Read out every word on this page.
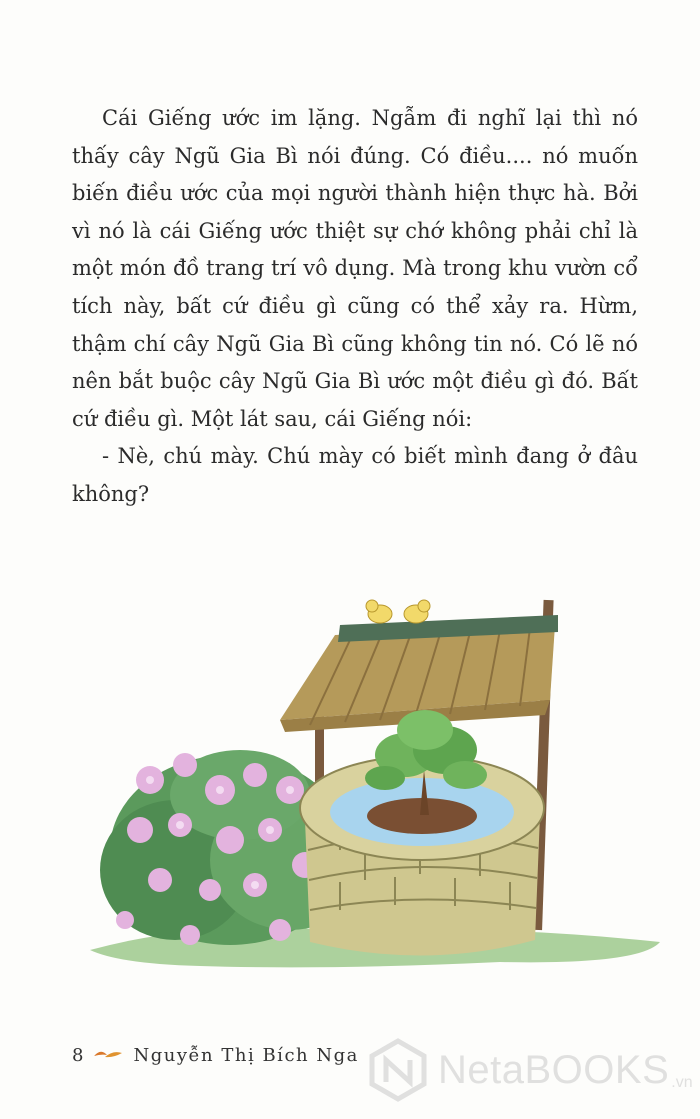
Cái Giếng ước im lặng. Ngẫm đi nghĩ lại thì nó thấy cây Ngũ Gia Bì nói đúng. Có điều.... nó muốn biến điều ước của mọi người thành hiện thực hà. Bởi vì nó là cái Giếng ước thiệt sự chớ không phải chỉ là một món đồ trang trí vô dụng. Mà trong khu vườn cổ tích này, bất cứ điều gì cũng có thể xảy ra. Hừm, thậm chí cây Ngũ Gia Bì cũng không tin nó. Có lẽ nó nên bắt buộc cây Ngũ Gia Bì ước một điều gì đó. Bất cứ điều gì. Một lát sau, cái Giếng nói:

- Nè, chú mày. Chú mày có biết mình đang ở đâu không?

8	Nguyễn Thị Bích Nga NetaBOOKS .vn
